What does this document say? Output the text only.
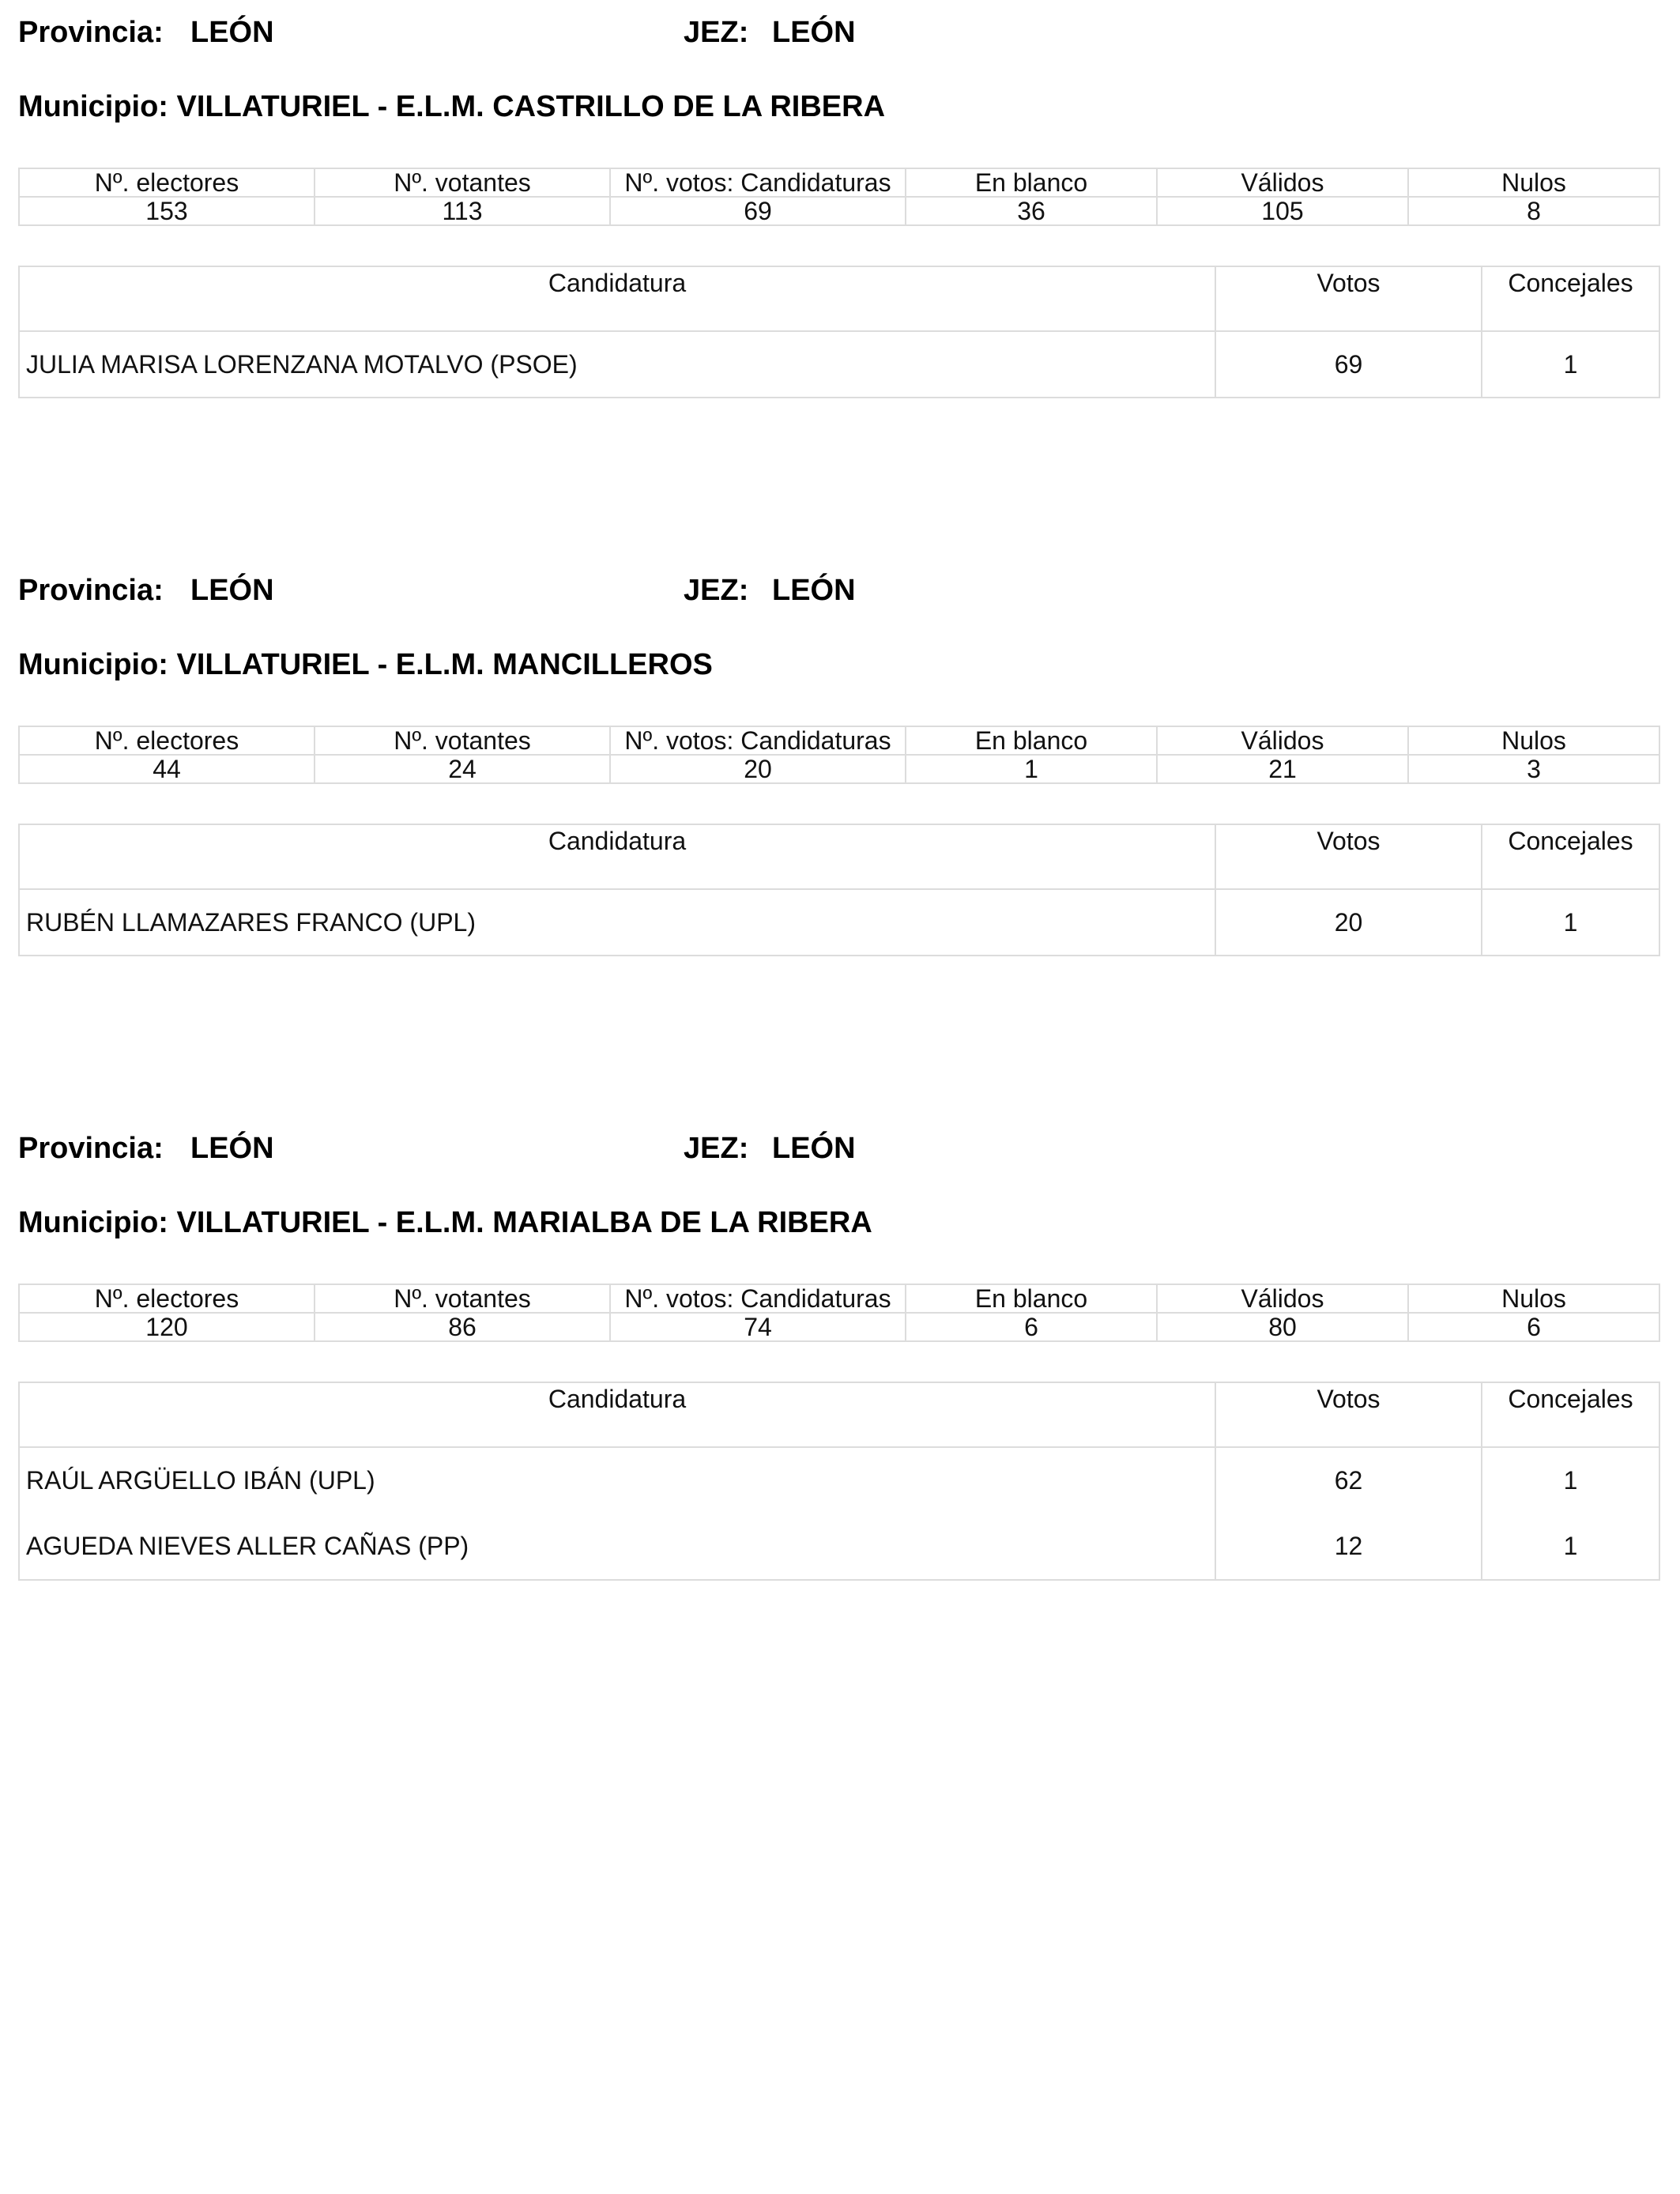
Provincia: LEÓN	JEZ: LEÓN
Municipio: VILLATURIEL - E.L.M. CASTRILLO DE LA RIBERA
Nº. electores	Nº. votantes	Nº. votos: Candidaturas	En blanco	Válidos	Nulos
153	113	69	36	105	8
Candidatura	Votos	Concejales
JULIA MARISA LORENZANA MOTALVO (PSOE)	69	1
Provincia: LEÓN	JEZ: LEÓN
Municipio: VILLATURIEL - E.L.M. MANCILLEROS
Nº. electores	Nº. votantes	Nº. votos: Candidaturas	En blanco	Válidos	Nulos
44	24	20	1	21	3
Candidatura	Votos	Concejales
RUBÉN LLAMAZARES FRANCO (UPL)	20	1
Provincia: LEÓN	JEZ: LEÓN
Municipio: VILLATURIEL - E.L.M. MARIALBA DE LA RIBERA
Nº. electores	Nº. votantes	Nº. votos: Candidaturas	En blanco	Válidos	Nulos
120	86	74	6	80	6
Candidatura	Votos	Concejales
RAÚL ARGÜELLO IBÁN (UPL)	62	1
AGUEDA NIEVES ALLER CAÑAS (PP)	12	1
